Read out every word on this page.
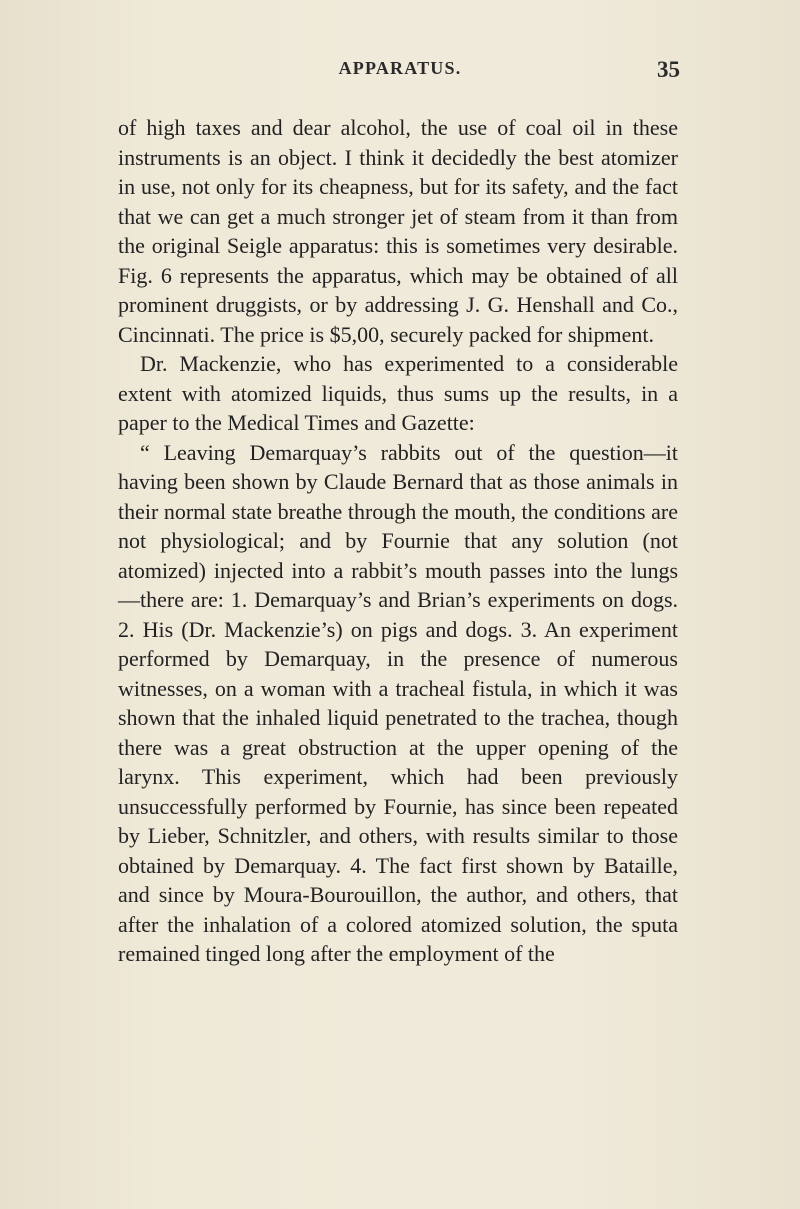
APPARATUS.	35

of high taxes and dear alcohol, the use of coal oil in these instruments is an object. I think it decidedly the best atomizer in use, not only for its cheapness, but for its safety, and the fact that we can get a much stronger jet of steam from it than from the original Seigle apparatus: this is sometimes very desirable. Fig. 6 represents the apparatus, which may be obtained of all prominent druggists, or by addressing J. G. Henshall and Co., Cincinnati. The price is $5,00, securely packed for shipment.

Dr. Mackenzie, who has experimented to a considerable extent with atomized liquids, thus sums up the results, in a paper to the Medical Times and Gazette:

“ Leaving Demarquay’s rabbits out of the question—it having been shown by Claude Bernard that as those animals in their normal state breathe through the mouth, the conditions are not physiological; and by Fournie that any solution (not atomized) injected into a rabbit’s mouth passes into the lungs—there are: 1. Demarquay’s and Brian’s experiments on dogs. 2. His (Dr. Mackenzie’s) on pigs and dogs. 3. An experiment performed by Demarquay, in the presence of numerous witnesses, on a woman with a tracheal fistula, in which it was shown that the inhaled liquid penetrated to the trachea, though there was a great obstruction at the upper opening of the larynx. This experiment, which had been previously unsuccessfully performed by Fournie, has since been repeated by Lieber, Schnitzler, and others, with results similar to those obtained by Demarquay. 4. The fact first shown by Bataille, and since by Moura-Bourouillon, the author, and others, that after the inhalation of a colored atomized solution, the sputa remained tinged long after the employment of the
